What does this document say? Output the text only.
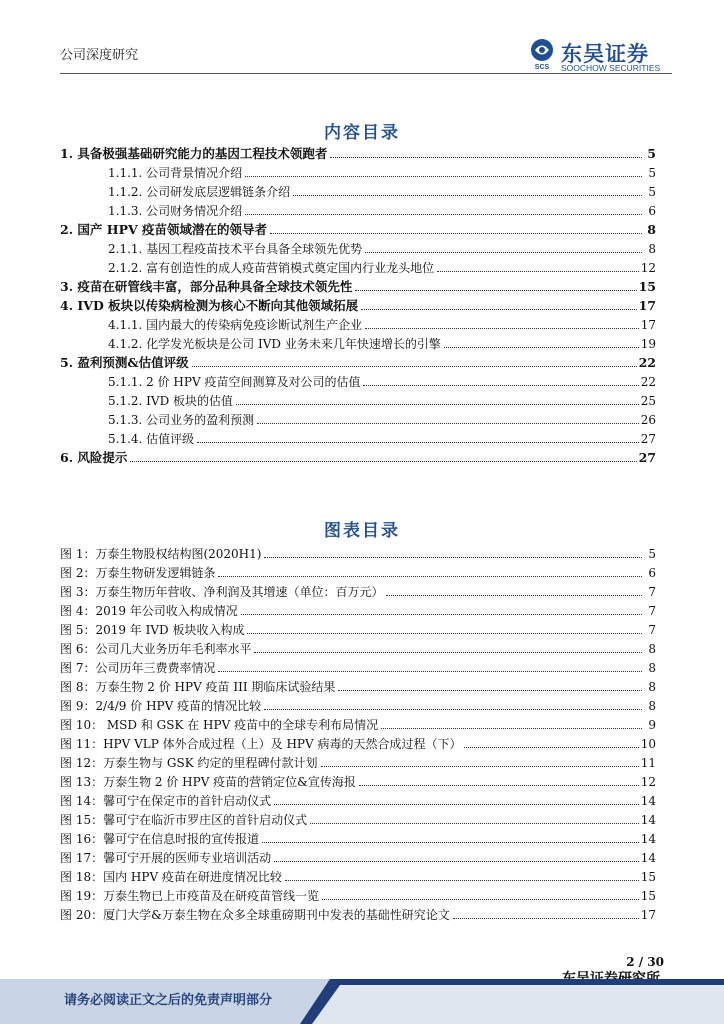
公司深度研究
SCS
东吴证券
SOOCHOW SECURITIES
内容目录
1. 具备极强基础研究能力的基因工程技术领跑者	5
1.1.1. 公司背景情况介绍	5
1.1.2. 公司研发底层逻辑链条介绍	5
1.1.3. 公司财务情况介绍	6
2. 国产 HPV 疫苗领域潜在的领导者	8
2.1.1. 基因工程疫苗技术平台具备全球领先优势	8
2.1.2. 富有创造性的成人疫苗营销模式奠定国内行业龙头地位	12
3. 疫苗在研管线丰富，部分品种具备全球技术领先性	15
4. IVD 板块以传染病检测为核心不断向其他领域拓展	17
4.1.1. 国内最大的传染病免疫诊断试剂生产企业	17
4.1.2. 化学发光板块是公司 IVD 业务未来几年快速增长的引擎	19
5. 盈利预测&估值评级	22
5.1.1. 2 价 HPV 疫苗空间测算及对公司的估值	22
5.1.2. IVD 板块的估值	25
5.1.3. 公司业务的盈利预测	26
5.1.4. 估值评级	27
6. 风险提示	27
图表目录
图 1：万泰生物股权结构图(2020H1)	5
图 2：万泰生物研发逻辑链条	6
图 3：万泰生物历年营收、净利润及其增速（单位：百万元）	7
图 4：2019 年公司收入构成情况	7
图 5：2019 年 IVD 板块收入构成	7
图 6：公司几大业务历年毛利率水平	8
图 7：公司历年三费费率情况	8
图 8：万泰生物 2 价 HPV 疫苗 III 期临床试验结果	8
图 9：2/4/9 价 HPV 疫苗的情况比较	8
图 10： MSD 和 GSK 在 HPV 疫苗中的全球专利布局情况	9
图 11：HPV VLP 体外合成过程（上）及 HPV 病毒的天然合成过程（下）	10
图 12：万泰生物与 GSK 约定的里程碑付款计划	11
图 13：万泰生物 2 价 HPV 疫苗的营销定位&宣传海报	12
图 14：馨可宁在保定市的首针启动仪式	14
图 15：馨可宁在临沂市罗庄区的首针启动仪式	14
图 16：馨可宁在信息时报的宣传报道	14
图 17：馨可宁开展的医师专业培训活动	14
图 18：国内 HPV 疫苗在研进度情况比较	15
图 19：万泰生物已上市疫苗及在研疫苗管线一览	15
图 20：厦门大学&万泰生物在众多全球重磅期刊中发表的基础性研究论文	17
2 / 30
请务必阅读正文之后的免责声明部分
